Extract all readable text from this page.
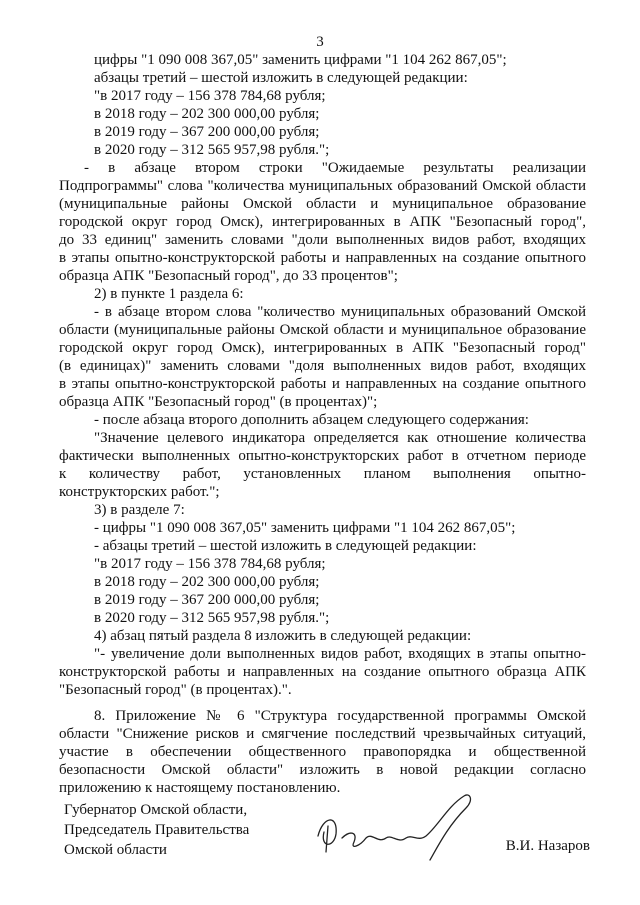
3

цифры "1 090 008 367,05" заменить цифрами "1 104 262 867,05";

абзацы третий – шестой изложить в следующей редакции:

"в 2017 году – 156 378 784,68 рубля;

в 2018 году – 202 300 000,00 рубля;

в 2019 году – 367 200 000,00 рубля;

в 2020 году – 312 565 957,98 рубля.";

- в абзаце втором строки "Ожидаемые результаты реализации

Подпрограммы" слова "количества муниципальных образований Омской области

(муниципальные районы Омской области и муниципальное образование

городской округ город Омск), интегрированных в АПК "Безопасный город",

до 33 единиц" заменить словами "доли выполненных видов работ, входящих

в этапы опытно-конструкторской работы и направленных на создание опытного

образца АПК "Безопасный город", до 33 процентов";

2) в пункте 1 раздела 6:

- в абзаце втором слова "количество муниципальных образований Омской

области (муниципальные районы Омской области и муниципальное образование

городской округ город Омск), интегрированных в АПК "Безопасный город"

(в единицах)" заменить словами "доля выполненных видов работ, входящих

в этапы опытно-конструкторской работы и направленных на создание опытного

образца АПК "Безопасный город" (в процентах)";

- после абзаца второго дополнить абзацем следующего содержания:

"Значение целевого индикатора определяется как отношение количества

фактически выполненных опытно-конструкторских работ в отчетном периоде

к количеству работ, установленных планом выполнения опытно-

конструкторских работ.";

3) в разделе 7:

- цифры "1 090 008 367,05" заменить цифрами "1 104 262 867,05";

- абзацы третий – шестой изложить в следующей редакции:

"в 2017 году – 156 378 784,68 рубля;

в 2018 году – 202 300 000,00 рубля;

в 2019 году – 367 200 000,00 рубля;

в 2020 году – 312 565 957,98 рубля.";

4) абзац пятый раздела 8 изложить в следующей редакции:

"- увеличение доли выполненных видов работ, входящих в этапы опытно-

конструкторской работы и направленных на создание опытного образца АПК

"Безопасный город" (в процентах).".

8. Приложение № 6 "Структура государственной программы Омской

области "Снижение рисков и смягчение последствий чрезвычайных ситуаций,

участие в обеспечении общественного правопорядка и общественной

безопасности Омской области" изложить в новой редакции согласно

приложению к настоящему постановлению.

Губернатор Омской области,

Председатель Правительства

Омской области	В.И. Назаров
